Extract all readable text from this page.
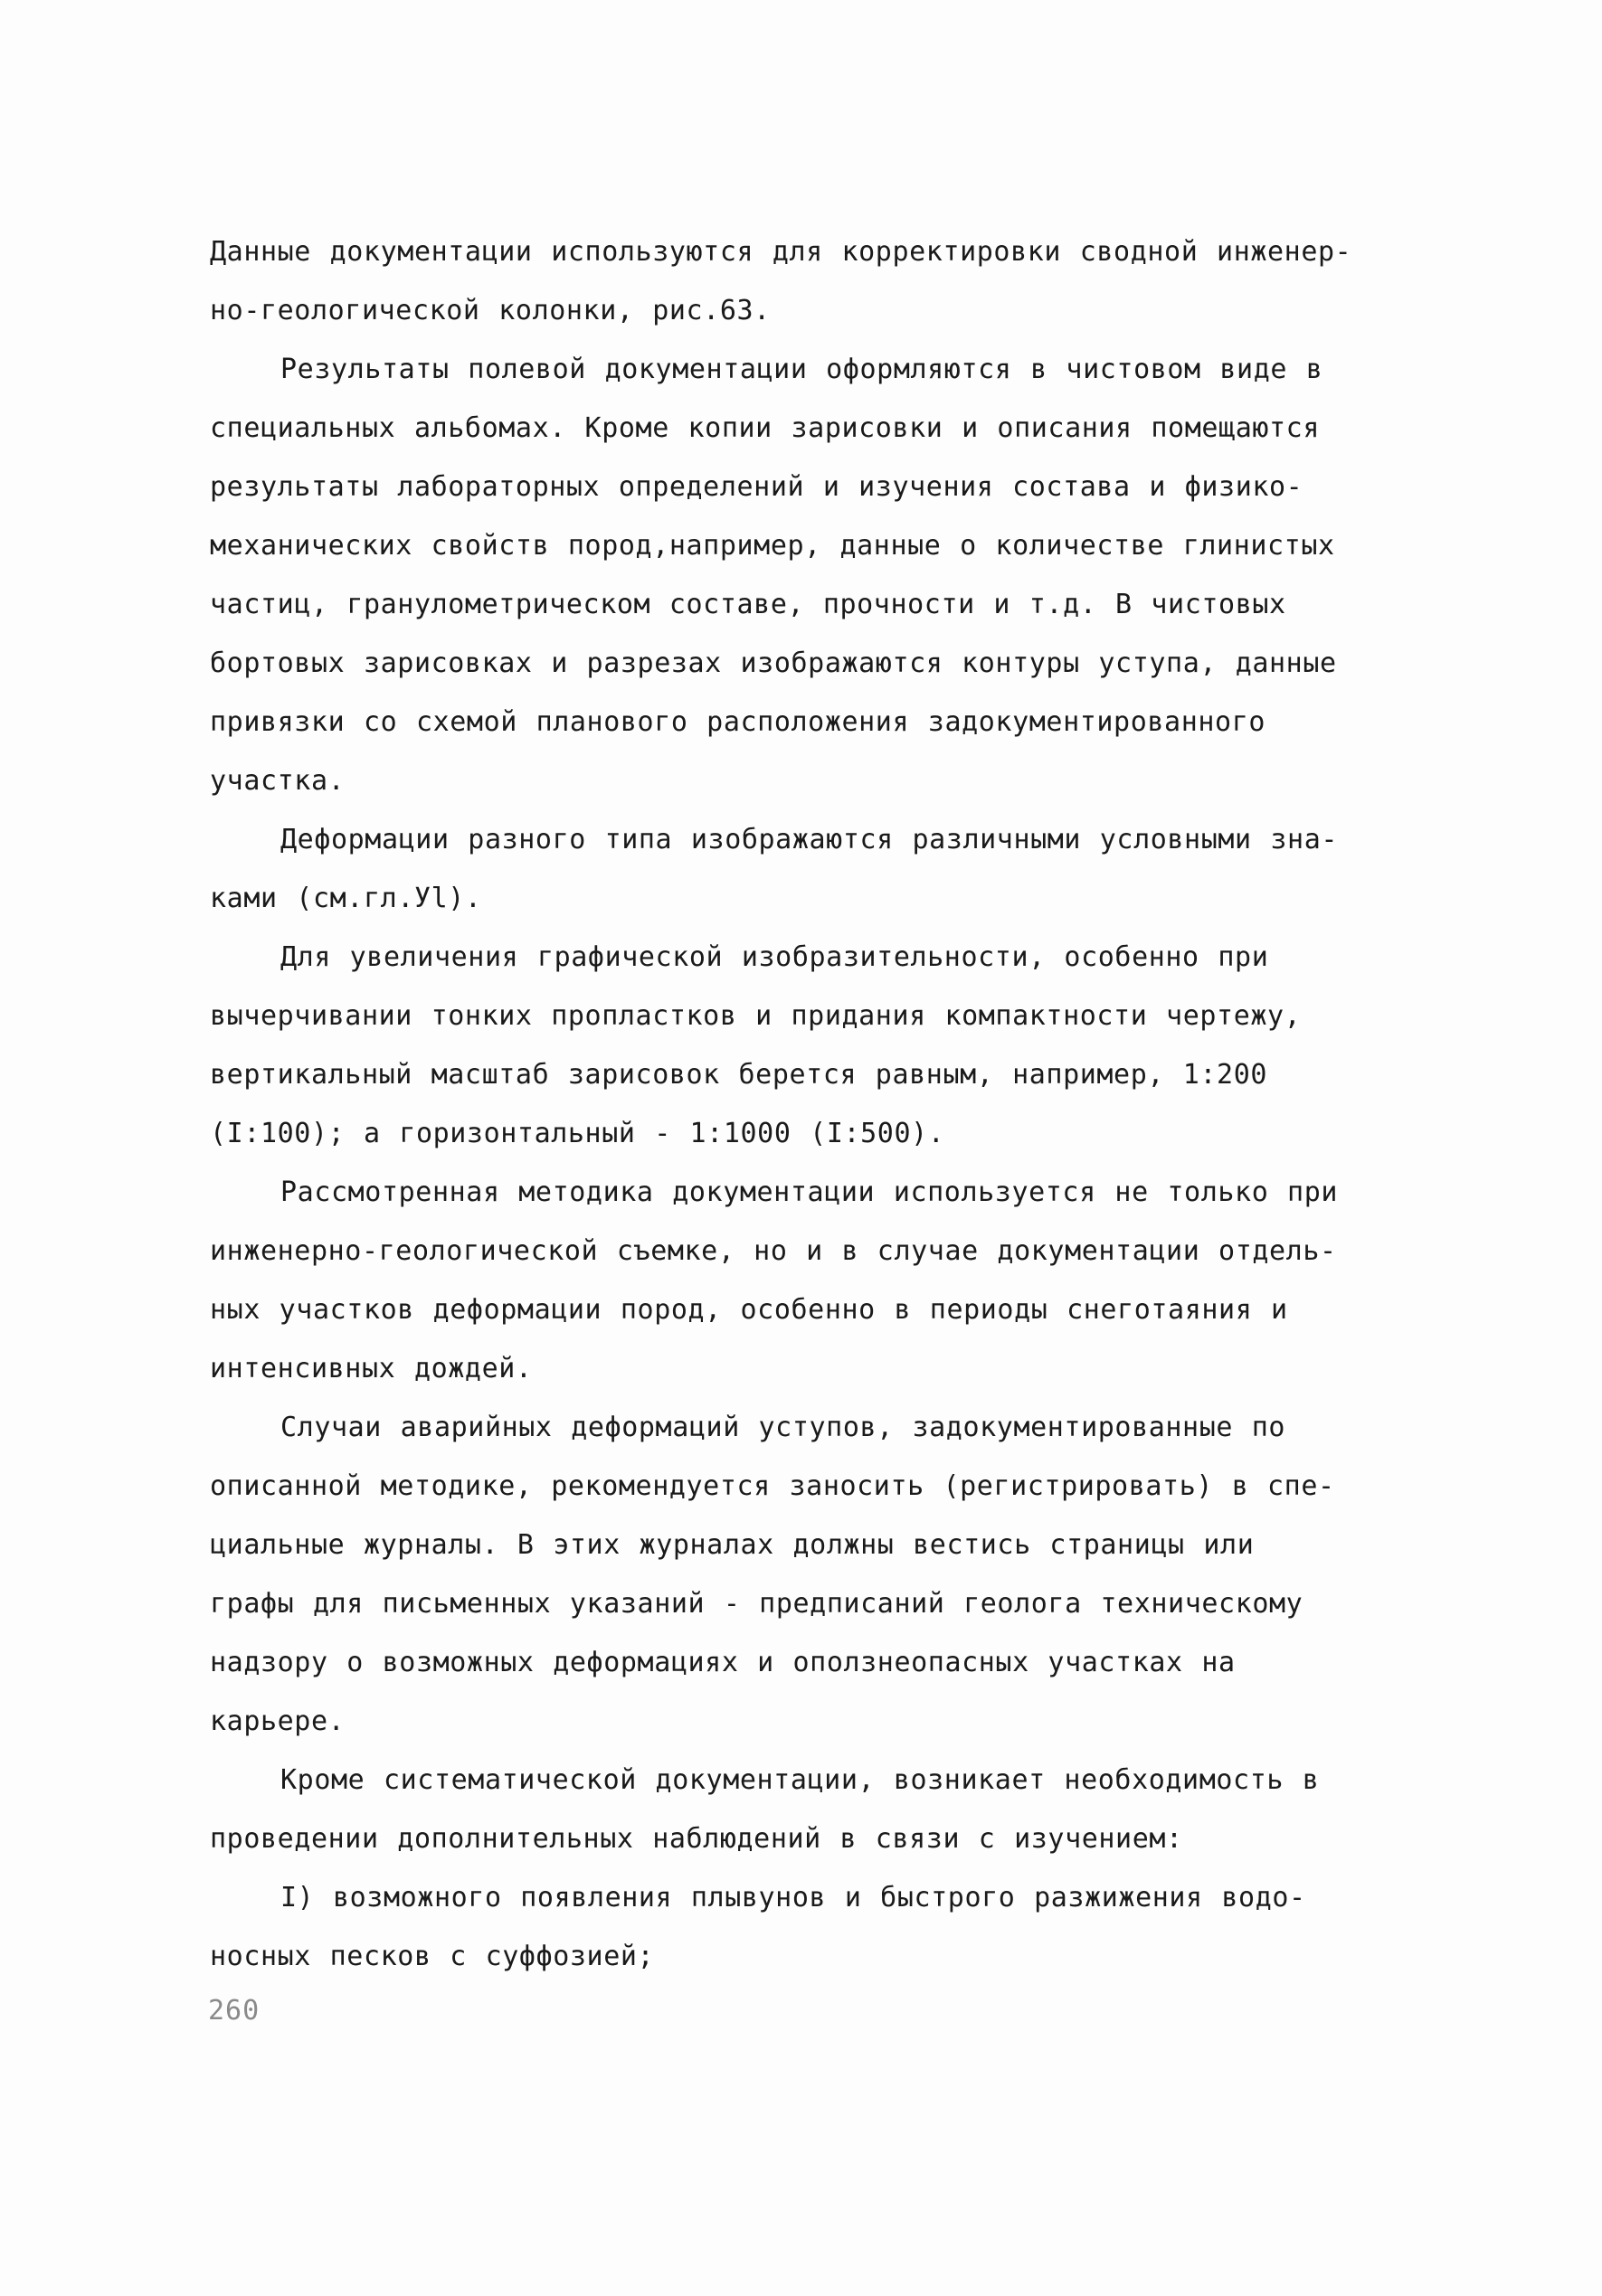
Данные документации используются для корректировки сводной инженер-
но-геологической колонки, рис.63.
Результаты полевой документации оформляются в чистовом виде в
специальных альбомах. Кроме копии зарисовки и описания помещаются
результаты лабораторных определений и изучения состава и физико-
механических свойств пород,например, данные о количестве глинистых
частиц, гранулометрическом составе, прочности и т.д. В чистовых
бортовых зарисовках и разрезах изображаются контуры уступа, данные
привязки со схемой планового расположения задокументированного
участка.
Деформации разного типа изображаются различными условными зна-
ками (см.гл.Уl).
Для увеличения графической изобразительности, особенно при
вычерчивании тонких пропластков и придания компактности чертежу,
вертикальный масштаб зарисовок берется равным, например, 1:200
(I:100); а горизонтальный - 1:1000 (I:500).
Рассмотренная методика документации используется не только при
инженерно-геологической съемке, но и в случае документации отдель-
ных участков деформации пород, особенно в периоды снеготаяния и
интенсивных дождей.
Случаи аварийных деформаций уступов, задокументированные по
описанной методике, рекомендуется заносить (регистрировать) в спе-
циальные журналы. В этих журналах должны вестись страницы или
графы для письменных указаний - предписаний геолога техническому
надзору о возможных деформациях и оползнеопасных участках на
карьере.
Кроме систематической документации, возникает необходимость в
проведении дополнительных наблюдений в связи с изучением:
I) возможного появления плывунов и быстрого разжижения водо-
носных песков с суффозией;
260
